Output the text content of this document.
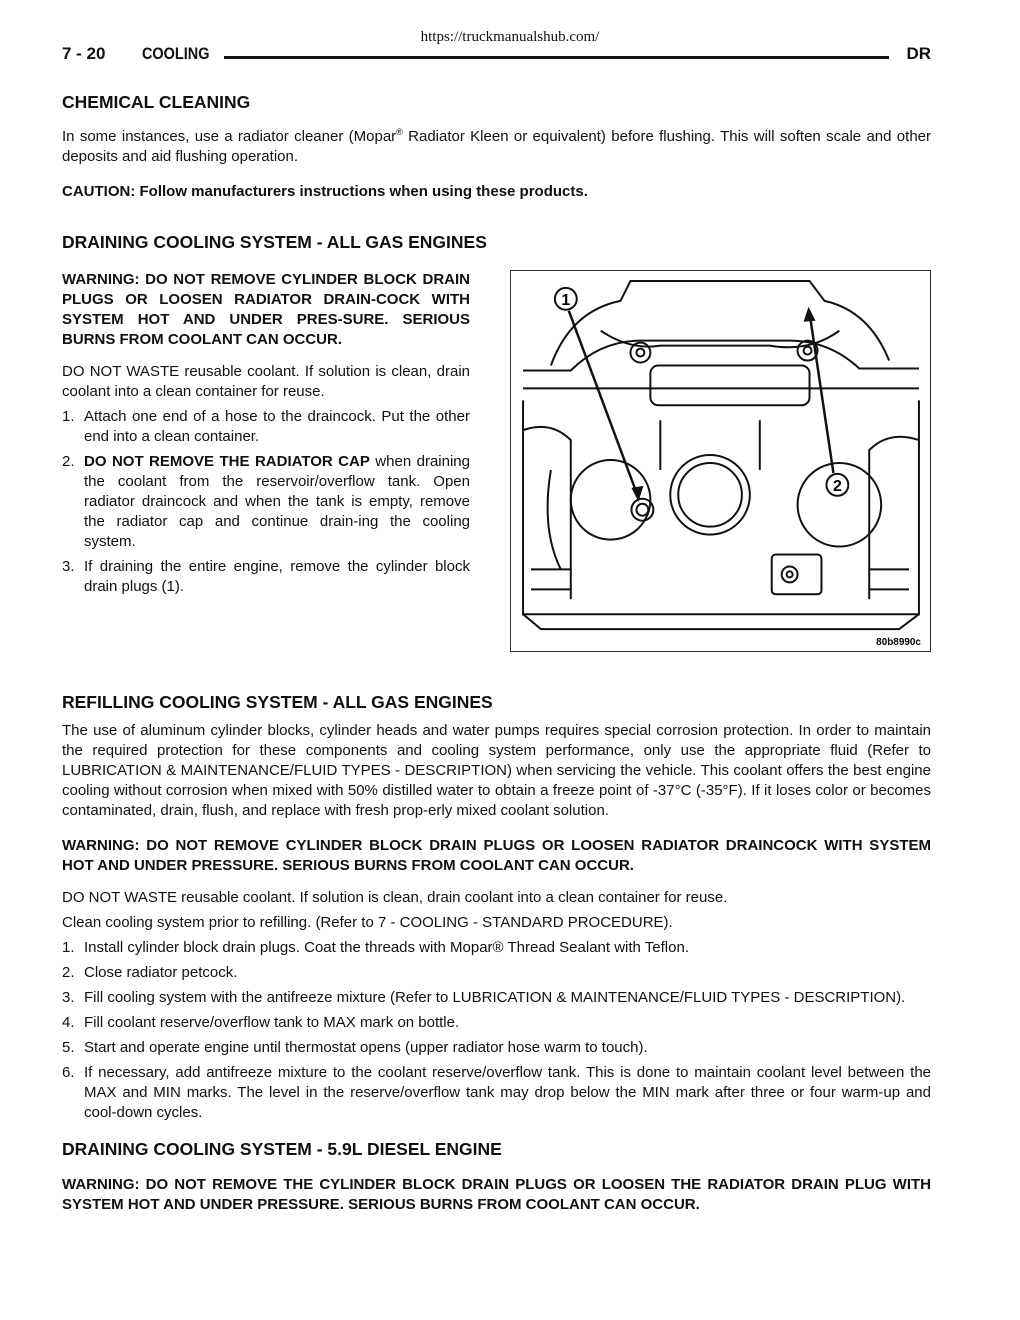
https://truckmanualshub.com/
7 - 20 COOLING	DR
CHEMICAL CLEANING

In some instances, use a radiator cleaner (Mopar® Radiator Kleen or equivalent) before flushing. This will soften scale and other deposits and aid flushing operation.

CAUTION: Follow manufacturers instructions when using these products.

DRAINING COOLING SYSTEM - ALL GAS ENGINES

WARNING: DO NOT REMOVE CYLINDER BLOCK DRAIN PLUGS OR LOOSEN RADIATOR DRAIN-COCK WITH SYSTEM HOT AND UNDER PRES-SURE. SERIOUS BURNS FROM COOLANT CAN OCCUR.

DO NOT WASTE reusable coolant. If solution is clean, drain coolant into a clean container for reuse.

1. Attach one end of a hose to the draincock. Put the other end into a clean container.
2. DO NOT REMOVE THE RADIATOR CAP when draining the coolant from the reservoir/overflow tank. Open radiator draincock and when the tank is empty, remove the radiator cap and continue drain-ing the cooling system.
3. If draining the entire engine, remove the cylinder block drain plugs (1).
1
2
80b8990c
REFILLING COOLING SYSTEM - ALL GAS ENGINES

The use of aluminum cylinder blocks, cylinder heads and water pumps requires special corrosion protection. In order to maintain the required protection for these components and cooling system performance, only use the appropriate fluid (Refer to LUBRICATION & MAINTENANCE/FLUID TYPES - DESCRIPTION) when servicing the vehicle. This coolant offers the best engine cooling without corrosion when mixed with 50% distilled water to obtain a freeze point of -37°C (-35°F). If it loses color or becomes contaminated, drain, flush, and replace with fresh prop-erly mixed coolant solution.

WARNING: DO NOT REMOVE CYLINDER BLOCK DRAIN PLUGS OR LOOSEN RADIATOR DRAINCOCK WITH SYSTEM HOT AND UNDER PRESSURE. SERIOUS BURNS FROM COOLANT CAN OCCUR.

DO NOT WASTE reusable coolant. If solution is clean, drain coolant into a clean container for reuse.

Clean cooling system prior to refilling. (Refer to 7 - COOLING - STANDARD PROCEDURE).

1. Install cylinder block drain plugs. Coat the threads with Mopar® Thread Sealant with Teflon.
2. Close radiator petcock.
3. Fill cooling system with the antifreeze mixture (Refer to LUBRICATION & MAINTENANCE/FLUID TYPES - DESCRIPTION).
4. Fill coolant reserve/overflow tank to MAX mark on bottle.
5. Start and operate engine until thermostat opens (upper radiator hose warm to touch).
6. If necessary, add antifreeze mixture to the coolant reserve/overflow tank. This is done to maintain coolant level between the MAX and MIN marks. The level in the reserve/overflow tank may drop below the MIN mark after three or four warm-up and cool-down cycles.
DRAINING COOLING SYSTEM - 5.9L DIESEL ENGINE

WARNING: DO NOT REMOVE THE CYLINDER BLOCK DRAIN PLUGS OR LOOSEN THE RADIATOR DRAIN PLUG WITH SYSTEM HOT AND UNDER PRESSURE. SERIOUS BURNS FROM COOLANT CAN OCCUR.
